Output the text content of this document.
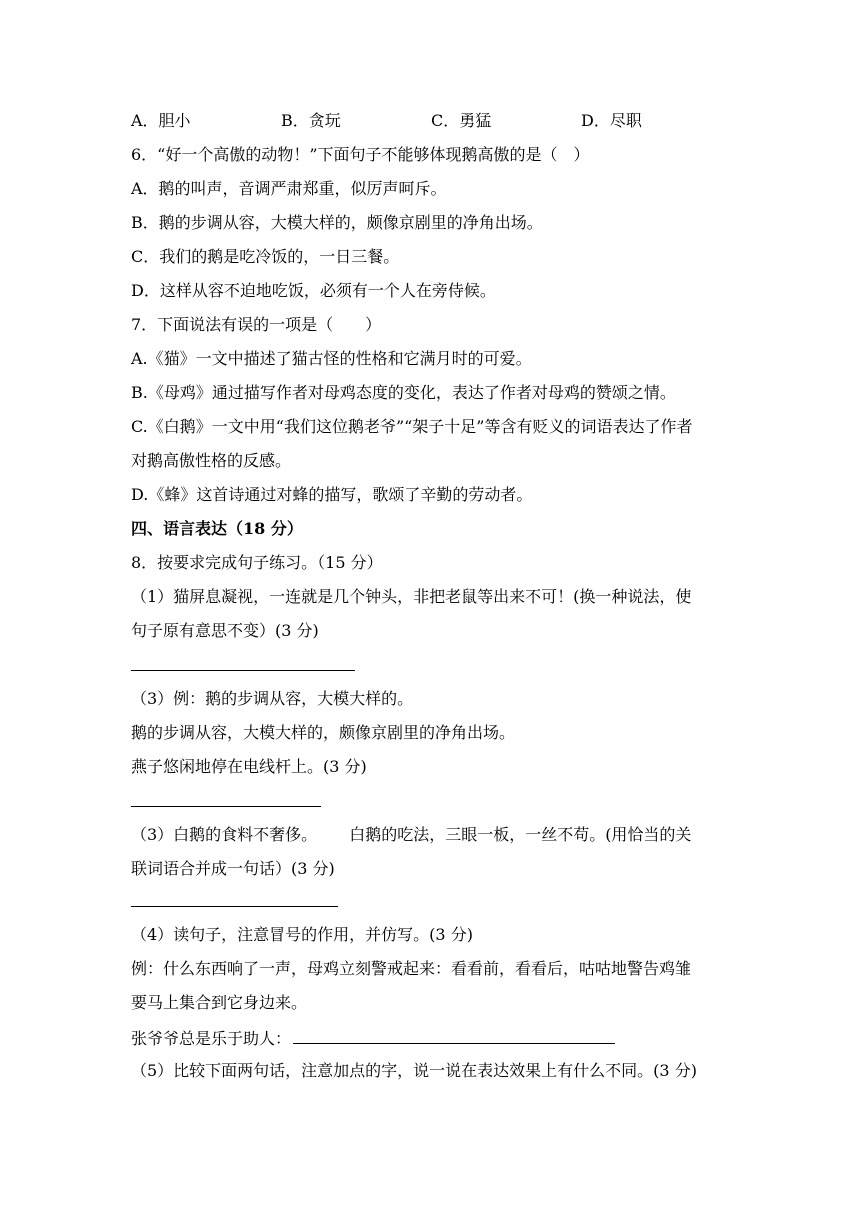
A．胆小	B．贪玩	C．勇猛	D．尽职
6．“好一个高傲的动物！”下面句子不能够体现鹅高傲的是（　）
A．鹅的叫声，音调严肃郑重，似厉声呵斥。
B．鹅的步调从容，大模大样的，颇像京剧里的净角出场。
C．我们的鹅是吃冷饭的，一日三餐。
D．这样从容不迫地吃饭，必须有一个人在旁侍候。
7．下面说法有误的一项是（　　）
A.《猫》一文中描述了猫古怪的性格和它满月时的可爱。
B.《母鸡》通过描写作者对母鸡态度的变化，表达了作者对母鸡的赞颂之情。
C.《白鹅》一文中用“我们这位鹅老爷”“架子十足”等含有贬义的词语表达了作者
对鹅高傲性格的反感。
D.《蜂》这首诗通过对蜂的描写，歌颂了辛勤的劳动者。
四、语言表达（18 分）
8．按要求完成句子练习。（15 分）
（1）猫屏息凝视，一连就是几个钟头，非把老鼠等出来不可！(换一种说法，使
句子原有意思不变）(3 分)
（3）例：鹅的步调从容，大模大样的。
鹅的步调从容，大模大样的，颇像京剧里的净角出场。
燕子悠闲地停在电线杆上。(3 分)
（3）白鹅的食料不奢侈。 白鹅的吃法，三眼一板，一丝不苟。(用恰当的关
联词语合并成一句话）(3 分)
（4）读句子，注意冒号的作用，并仿写。(3 分)
例：什么东西响了一声，母鸡立刻警戒起来：看看前，看看后，咕咕地警告鸡雏
要马上集合到它身边来。
张爷爷总是乐于助人：
（5）比较下面两句话，注意加点的字，说一说在表达效果上有什么不同。(3 分)
